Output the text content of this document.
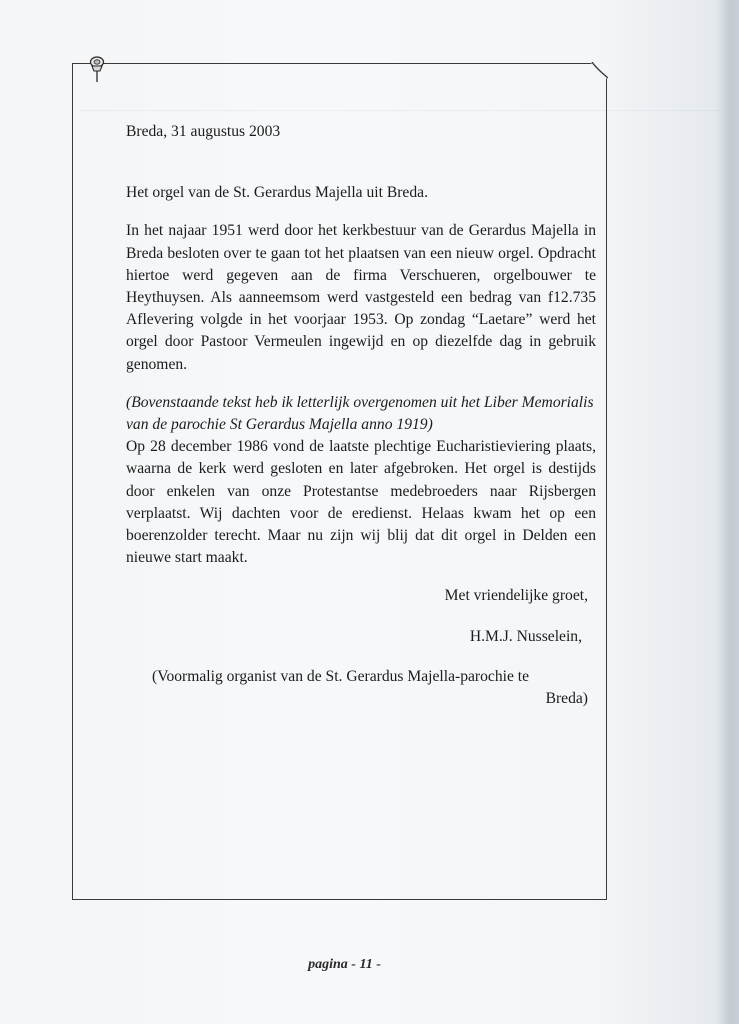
Breda, 31 augustus 2003

Het orgel van de St. Gerardus Majella uit Breda.

In het najaar 1951 werd door het kerkbestuur van de Gerardus Majella in Breda besloten over te gaan tot het plaatsen van een nieuw orgel. Opdracht hiertoe werd gegeven aan de firma Verschueren, orgelbouwer te Heythuysen. Als aanneemsom werd vastgesteld een bedrag van f12.735 Aflevering volgde in het voorjaar 1953. Op zondag “Laetare” werd het orgel door Pastoor Vermeulen ingewijd en op diezelfde dag in gebruik genomen.

(Bovenstaande tekst heb ik letterlijk overgenomen uit het Liber Memorialis van de parochie St Gerardus Majella anno 1919)

Op 28 december 1986 vond de laatste plechtige Eucharistieviering plaats, waarna de kerk werd gesloten en later afgebroken. Het orgel is destijds door enkelen van onze Protestantse medebroeders naar Rijsbergen verplaatst. Wij dachten voor de eredienst. Helaas kwam het op een boerenzolder terecht. Maar nu zijn wij blij dat dit orgel in Delden een nieuwe start maakt.

Met vriendelijke groet,

H.M.J. Nusselein,

(Voormalig organist van de St. Gerardus Majella-parochie te

Breda)

pagina - 11 -
